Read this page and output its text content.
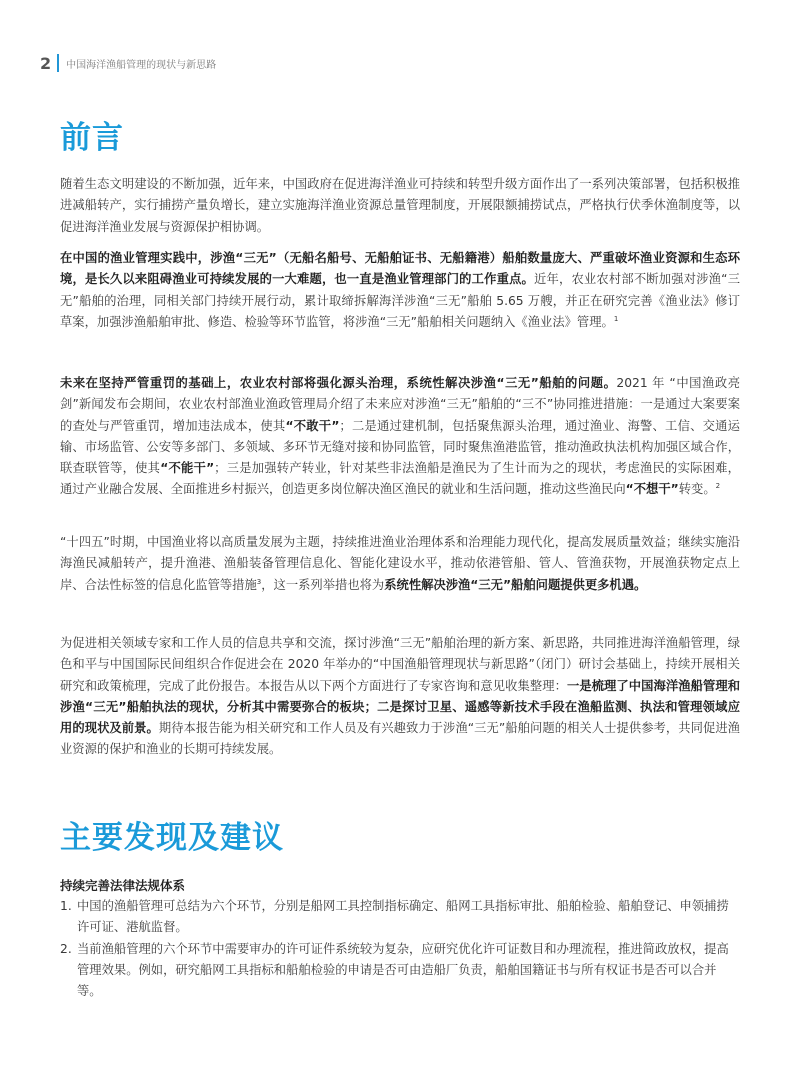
2 中国海洋渔船管理的现状与新思路
前言

随着生态文明建设的不断加强，近年来，中国政府在促进海洋渔业可持续和转型升级方面作出了一系列决策部署，包括积极推进减船转产，实行捕捞产量负增长，建立实施海洋渔业资源总量管理制度，开展限额捕捞试点，严格执行伏季休渔制度等，以促进海洋渔业发展与资源保护相协调。

在中国的渔业管理实践中，涉渔“三无”（无船名船号、无船舶证书、无船籍港）船舶数量庞大、严重破坏渔业资源和生态环境，是长久以来阻碍渔业可持续发展的一大难题，也一直是渔业管理部门的工作重点。近年，农业农村部不断加强对涉渔“三无”船舶的治理，同相关部门持续开展行动，累计取缔拆解海洋涉渔“三无”船舶 5.65 万艘，并正在研究完善《渔业法》修订草案，加强涉渔船舶审批、修造、检验等环节监管，将涉渔“三无”船舶相关问题纳入《渔业法》管理。$^1$

未来在坚持严管重罚的基础上，农业农村部将强化源头治理，系统性解决涉渔“三无”船舶的问题。2021 年 “中国渔政亮剑”新闻发布会期间，农业农村部渔业渔政管理局介绍了未来应对涉渔“三无”船舶的“三不”协同推进措施：一是通过大案要案的查处与严管重罚，增加违法成本，使其“不敢干”；二是通过建机制，包括聚焦源头治理，通过渔业、海警、工信、交通运输、市场监管、公安等多部门、多领域、多环节无缝对接和协同监管，同时聚焦渔港监管，推动渔政执法机构加强区域合作，联查联管等，使其“不能干”；三是加强转产转业，针对某些非法渔船是渔民为了生计而为之的现状，考虑渔民的实际困难，通过产业融合发展、全面推进乡村振兴，创造更多岗位解决渔区渔民的就业和生活问题，推动这些渔民向“不想干”转变。$^2$

“十四五”时期，中国渔业将以高质量发展为主题，持续推进渔业治理体系和治理能力现代化，提高发展质量效益；继续实施沿海渔民减船转产，提升渔港、渔船装备管理信息化、智能化建设水平，推动依港管船、管人、管渔获物，开展渔获物定点上岸、合法性标签的信息化监管等措施$^3$，这一系列举措也将为系统性解决涉渔“三无”船舶问题提供更多机遇。

为促进相关领域专家和工作人员的信息共享和交流，探讨涉渔“三无”船舶治理的新方案、新思路，共同推进海洋渔船管理，绿色和平与中国国际民间组织合作促进会在 2020 年举办的“中国渔船管理现状与新思路”（闭门）研讨会基础上，持续开展相关研究和政策梳理，完成了此份报告。本报告从以下两个方面进行了专家咨询和意见收集整理：一是梳理了中国海洋渔船管理和涉渔“三无”船舶执法的现状，分析其中需要弥合的板块；二是探讨卫星、遥感等新技术手段在渔船监测、执法和管理领域应用的现状及前景。期待本报告能为相关研究和工作人员及有兴趣致力于涉渔“三无”船舶问题的相关人士提供参考，共同促进渔业资源的保护和渔业的长期可持续发展。

主要发现及建议

持续完善法律法规体系

1. 中国的渔船管理可总结为六个环节，分别是船网工具控制指标确定、船网工具指标审批、船舶检验、船舶登记、申领捕捞许可证、港航监督。
2. 当前渔船管理的六个环节中需要审办的许可证件系统较为复杂，应研究优化许可证数目和办理流程，推进简政放权，提高管理效果。例如，研究船网工具指标和船舶检验的申请是否可由造船厂负责，船舶国籍证书与所有权证书是否可以合并等。
